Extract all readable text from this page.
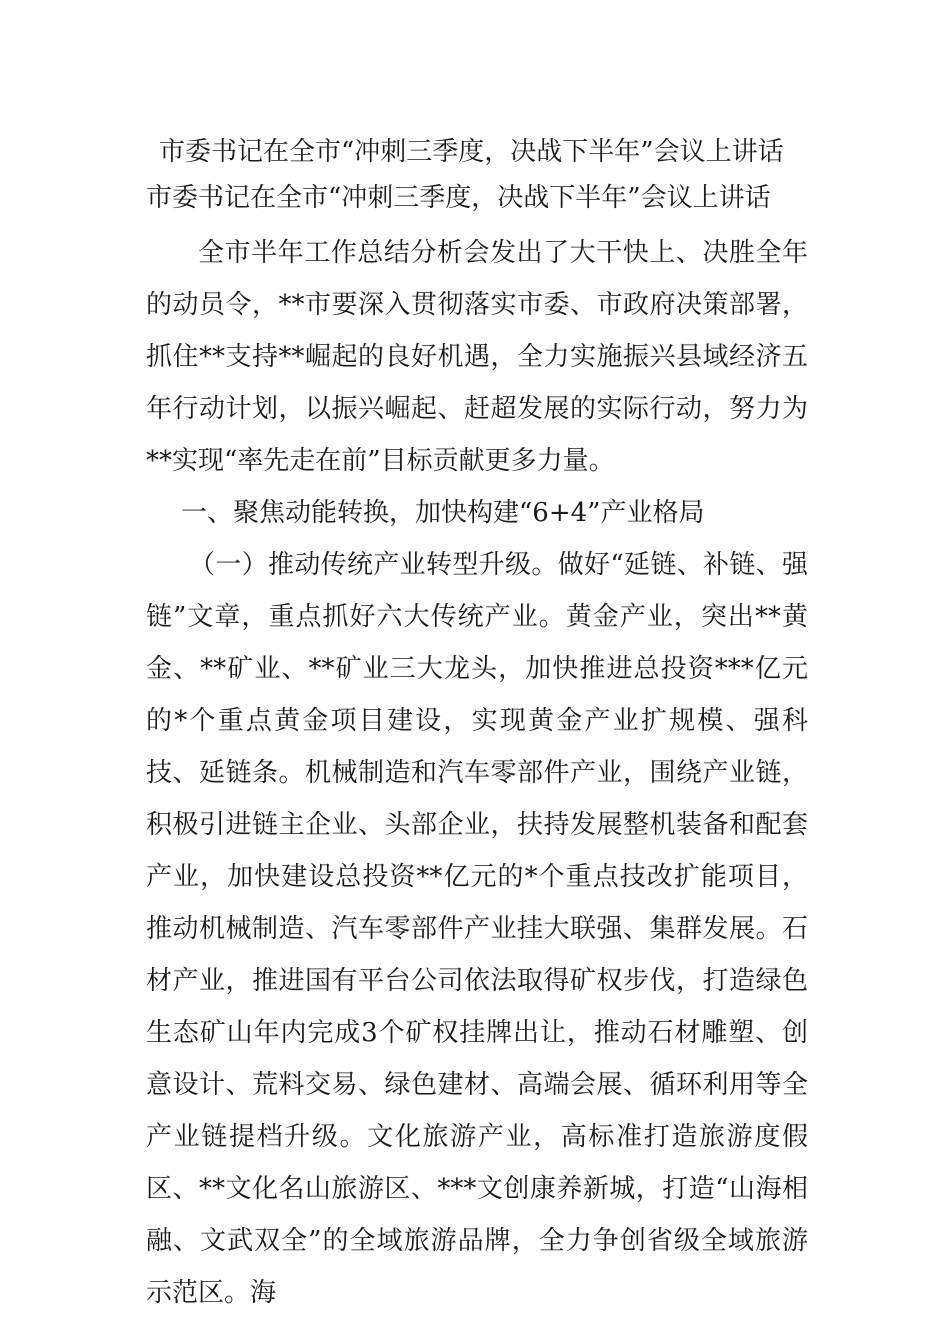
市委书记在全市“冲刺三季度，决战下半年”会议上讲话
市委书记在全市“冲刺三季度，决战下半年”会议上讲话

全市半年工作总结分析会发出了大干快上、决胜全年的动员令，**市要深入贯彻落实市委、市政府决策部署，抓住**支持**崛起的良好机遇，全力实施振兴县域经济五年行动计划，以振兴崛起、赶超发展的实际行动，努力为**实现“率先走在前”目标贡献更多力量。

一、聚焦动能转换，加快构建“6+4”产业格局

（一）推动传统产业转型升级。做好“延链、补链、强链”文章，重点抓好六大传统产业。黄金产业，突出**黄金、**矿业、**矿业三大龙头，加快推进总投资***亿元的*个重点黄金项目建设，实现黄金产业扩规模、强科技、延链条。机械制造和汽车零部件产业，围绕产业链，积极引进链主企业、头部企业，扶持发展整机装备和配套产业，加快建设总投资**亿元的*个重点技改扩能项目，推动机械制造、汽车零部件产业挂大联强、集群发展。石材产业，推进国有平台公司依法取得矿权步伐，打造绿色生态矿山年内完成3个矿权挂牌出让，推动石材雕塑、创意设计、荒料交易、绿色建材、高端会展、循环利用等全产业链提档升级。文化旅游产业，高标准打造旅游度假区、**文化名山旅游区、***文创康养新城，打造“山海相融、文武双全”的全域旅游品牌，全力争创省级全域旅游示范区。海
